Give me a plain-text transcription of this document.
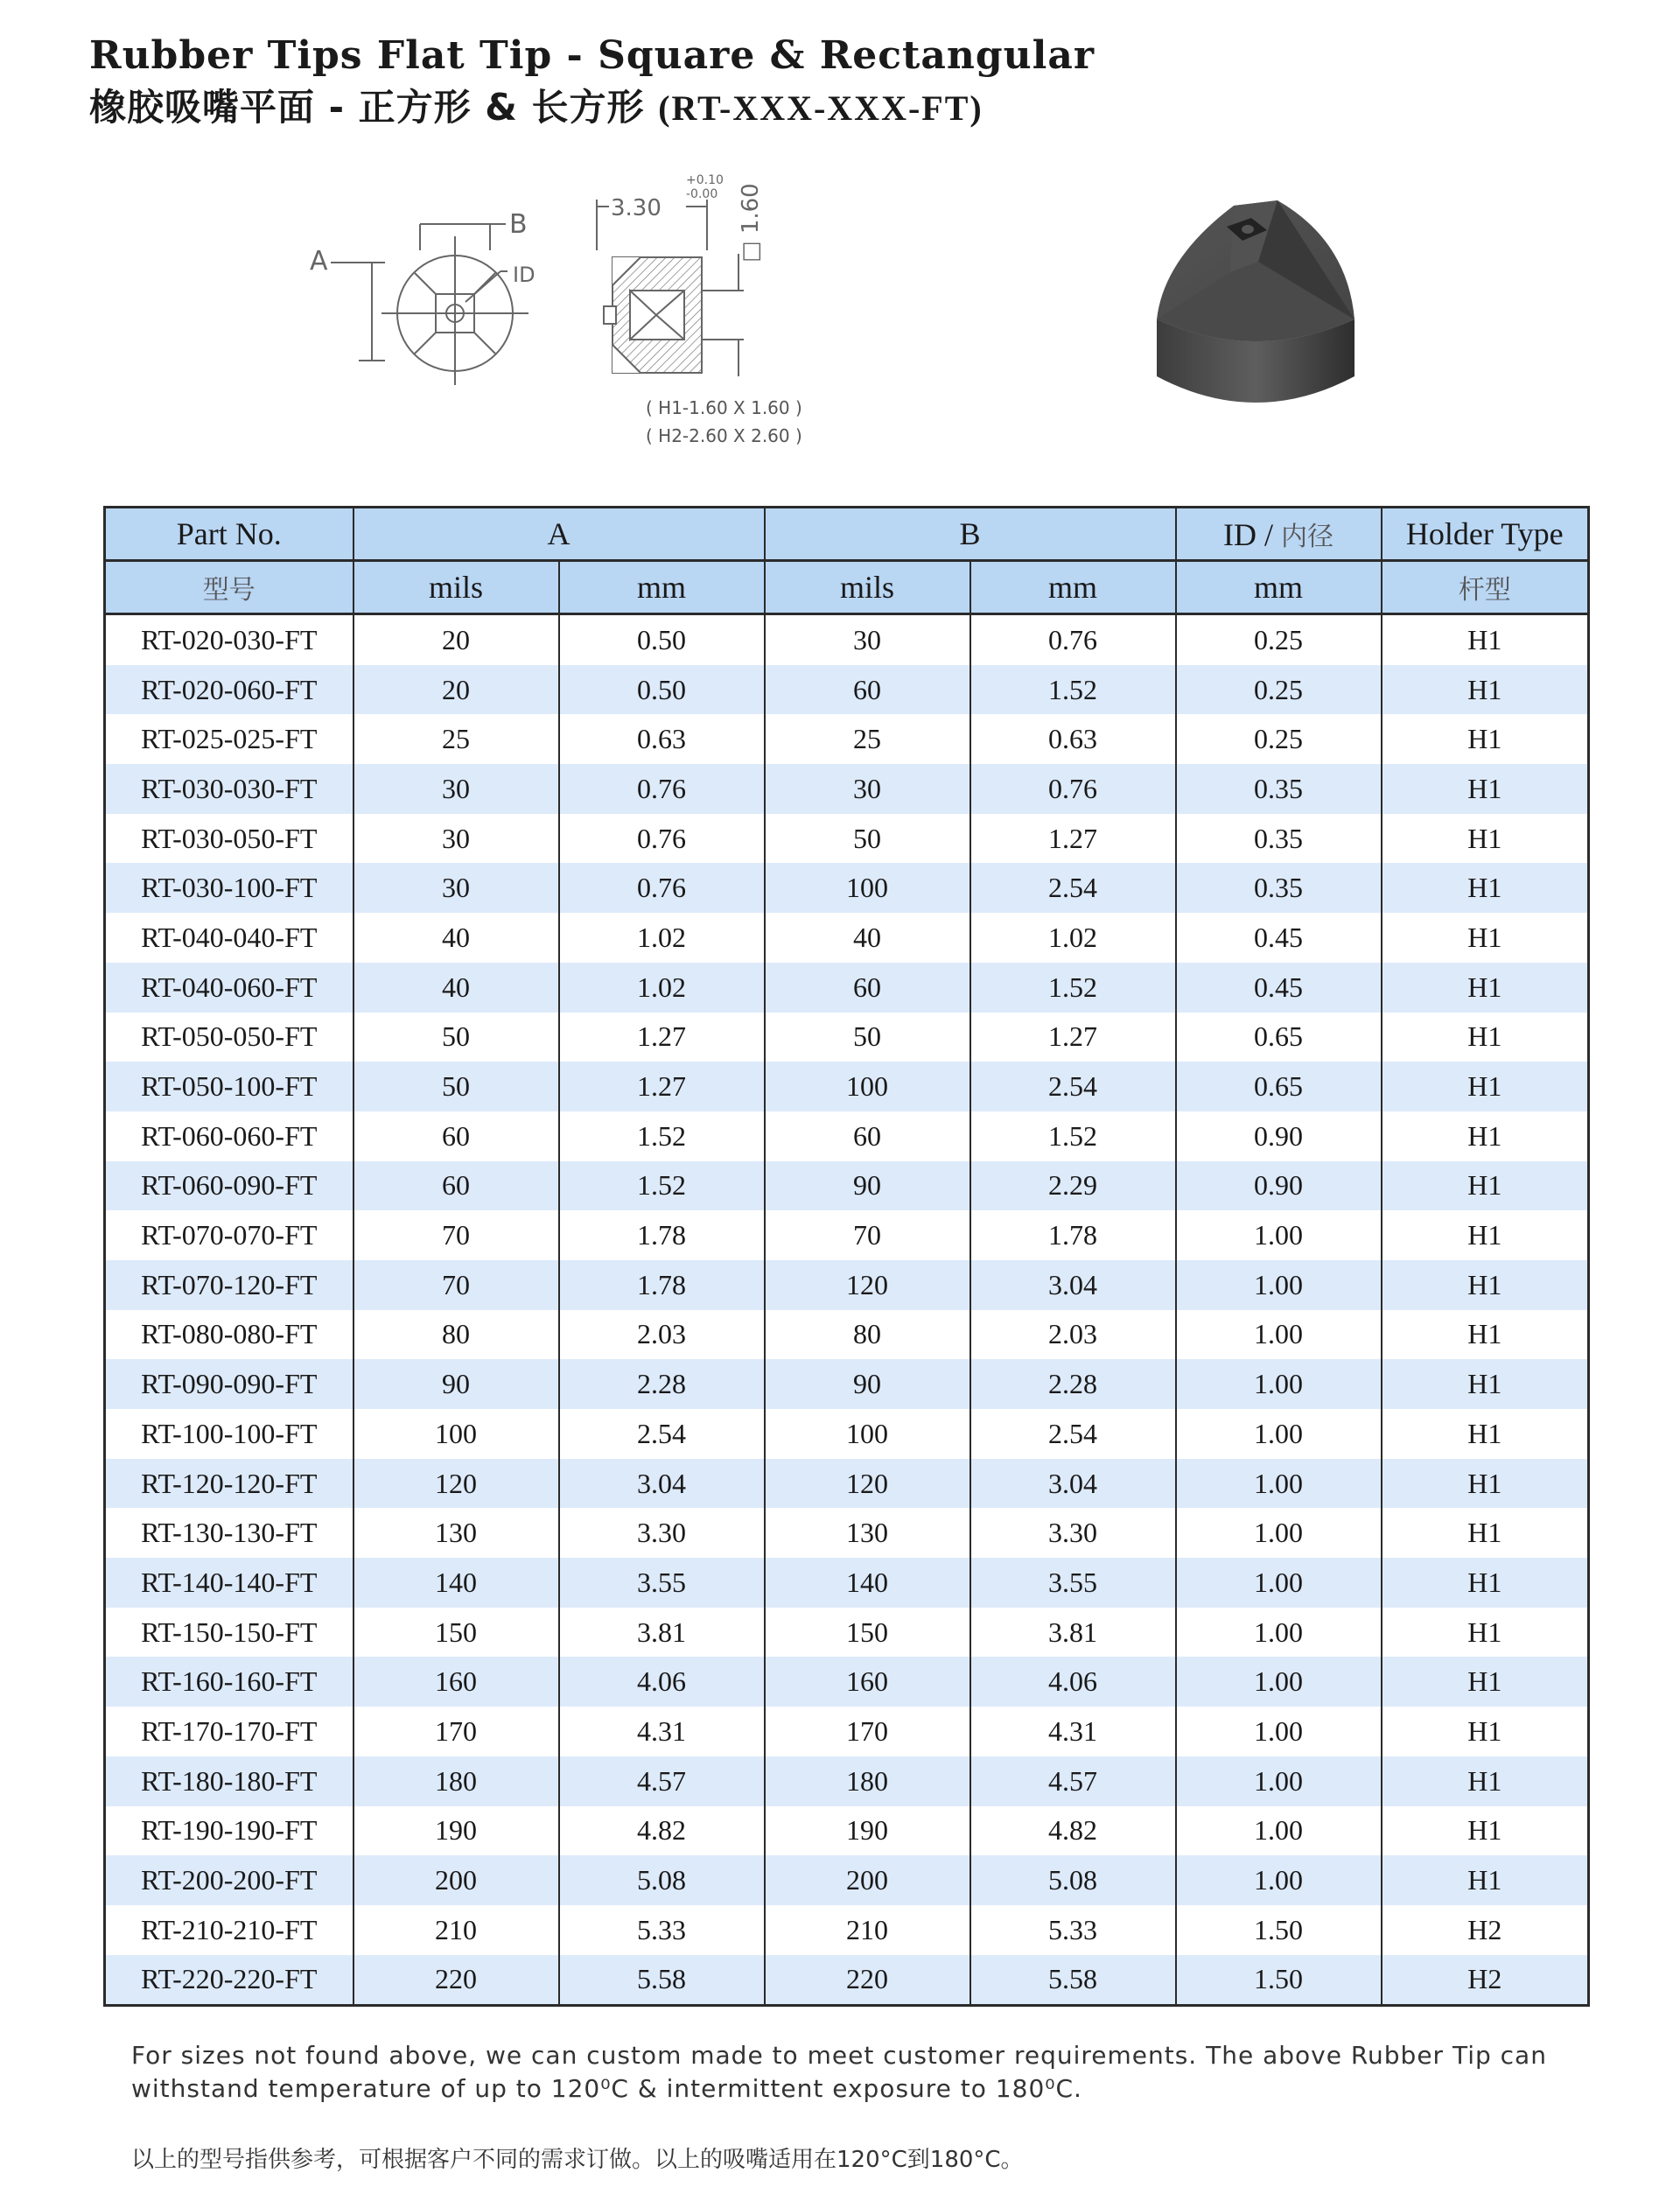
Rubber Tips Flat Tip - Square & Rectangular
橡胶吸嘴平面 - 正方形 & 长方形 (RT-XXX-XXX-FT)
A
B
ID
3.30
+0.10
-0.00 □ 1.60
( H1-1.60 X 1.60 )
( H2-2.60 X 2.60 )
Part No.	A		B		ID / 内径	Holder Type
型号	mils	mm	mils	mm	mm	杆型
RT-020-030-FT	20	0.50	30	0.76	0.25	H1
RT-020-060-FT	20	0.50	60	1.52	0.25	H1
RT-025-025-FT	25	0.63	25	0.63	0.25	H1
RT-030-030-FT	30	0.76	30	0.76	0.35	H1
RT-030-050-FT	30	0.76	50	1.27	0.35	H1
RT-030-100-FT	30	0.76	100	2.54	0.35	H1
RT-040-040-FT	40	1.02	40	1.02	0.45	H1
RT-040-060-FT	40	1.02	60	1.52	0.45	H1
RT-050-050-FT	50	1.27	50	1.27	0.65	H1
RT-050-100-FT	50	1.27	100	2.54	0.65	H1
RT-060-060-FT	60	1.52	60	1.52	0.90	H1
RT-060-090-FT	60	1.52	90	2.29	0.90	H1
RT-070-070-FT	70	1.78	70	1.78	1.00	H1
RT-070-120-FT	70	1.78	120	3.04	1.00	H1
RT-080-080-FT	80	2.03	80	2.03	1.00	H1
RT-090-090-FT	90	2.28	90	2.28	1.00	H1
RT-100-100-FT	100	2.54	100	2.54	1.00	H1
RT-120-120-FT	120	3.04	120	3.04	1.00	H1
RT-130-130-FT	130	3.30	130	3.30	1.00	H1
RT-140-140-FT	140	3.55	140	3.55	1.00	H1
RT-150-150-FT	150	3.81	150	3.81	1.00	H1
RT-160-160-FT	160	4.06	160	4.06	1.00	H1
RT-170-170-FT	170	4.31	170	4.31	1.00	H1
RT-180-180-FT	180	4.57	180	4.57	1.00	H1
RT-190-190-FT	190	4.82	190	4.82	1.00	H1
RT-200-200-FT	200	5.08	200	5.08	1.00	H1
RT-210-210-FT	210	5.33	210	5.33	1.50	H2
RT-220-220-FT	220	5.58	220	5.58	1.50	H2

For sizes not found above, we can custom made to meet customer requirements. The above Rubber Tip can withstand temperature of up to 120⁰C & intermittent exposure to 180⁰C.

以上的型号指供参考，可根据客户不同的需求订做。以上的吸嘴适用在120°C到180°C。
